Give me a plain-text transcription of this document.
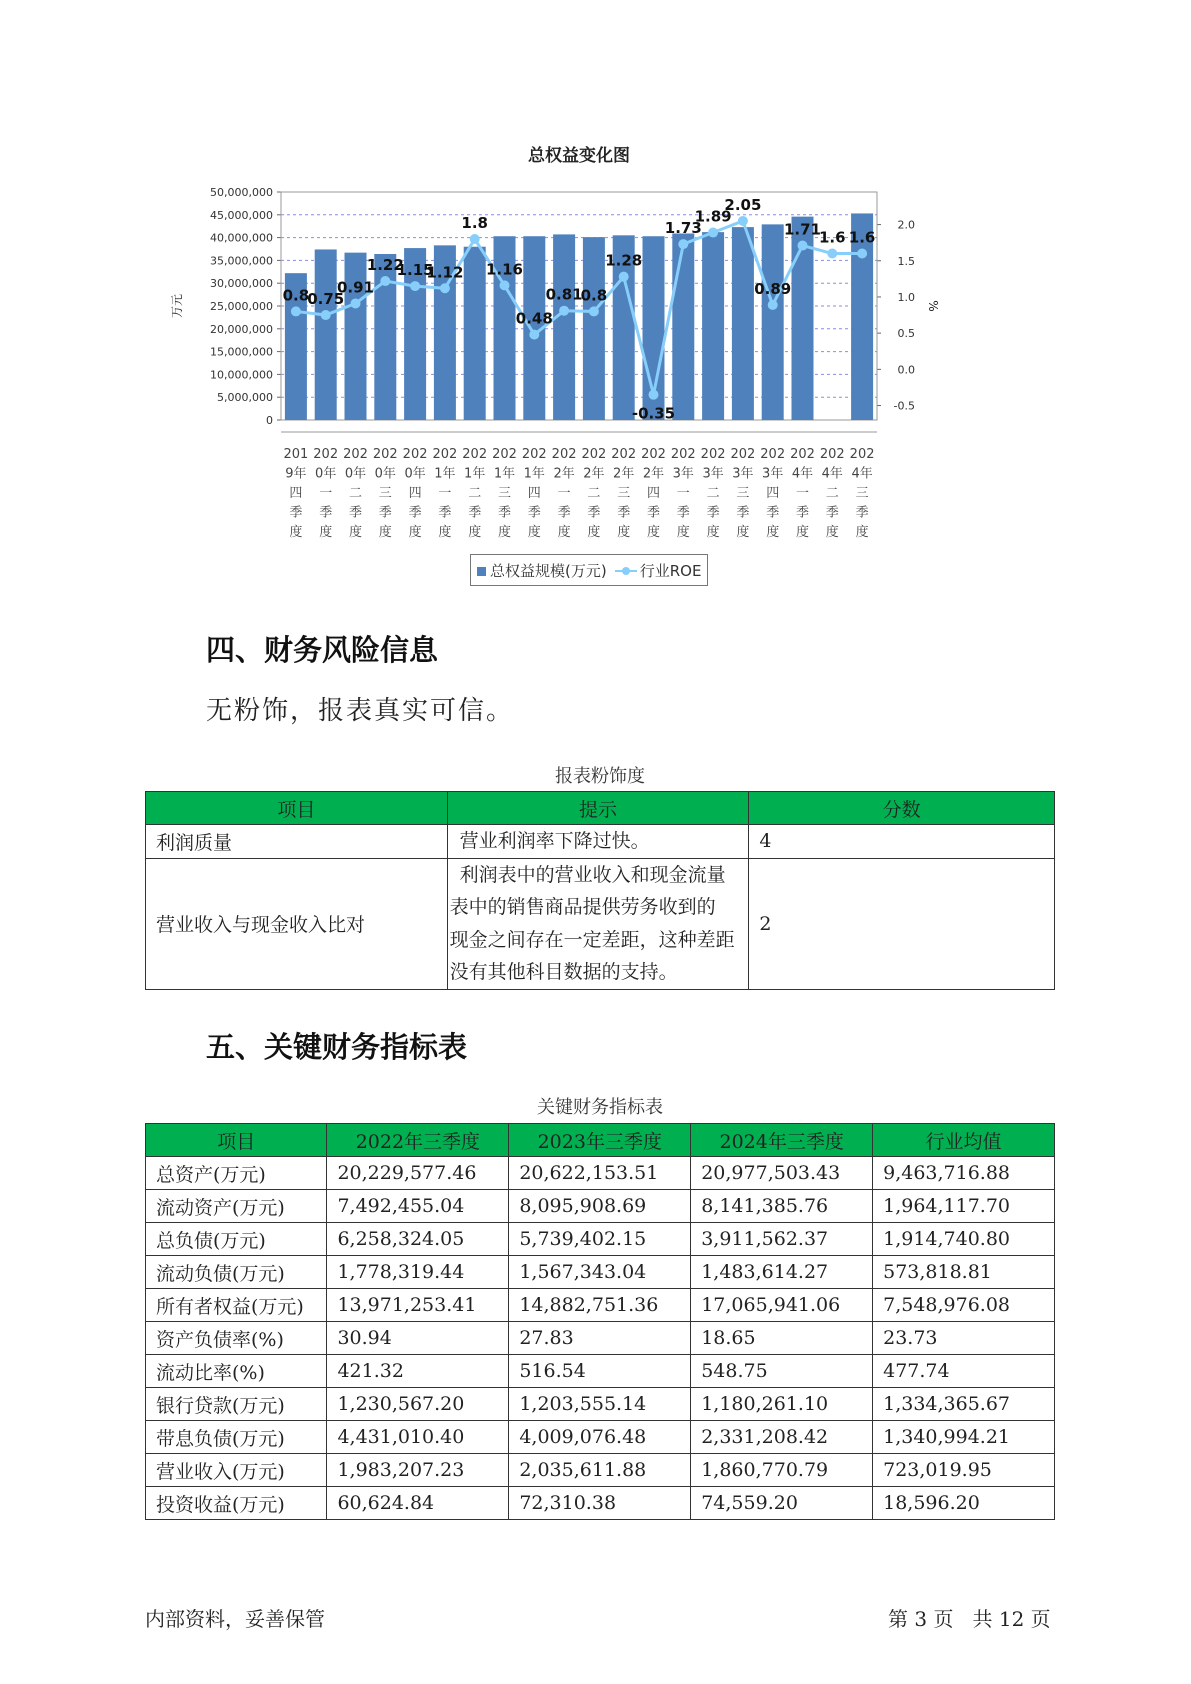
总权益变化图
0
5,000,000
10,000,000
15,000,000
20,000,000
25,000,000
30,000,000
35,000,000
40,000,000
45,000,000
50,000,000
-0.5
0.0
0.5
1.0
1.5
2.0
万元	%
201
9年
四
季
度
202
0年
一
季
度
202
0年
二
季
度
202
0年
三
季
度
202
0年
四
季
度
202
1年
一
季
度
202
1年
二
季
度
202
1年
三
季
度
202
1年
四
季
度
202
2年
一
季
度
202
2年
二
季
度
202
2年
三
季
度
202
2年
四
季
度
202
3年
一
季
度
202
3年
二
季
度
202
3年
三
季
度
202
3年
四
季
度
202
4年
一
季
度
202
4年
二
季
度
202
4年
三
季
度
0.8
0.75
0.91
1.22
1.15
1.12
1.8
1.16
0.48
0.81
0.8
1.28
-0.35
1.73
1.89
2.05
0.89
1.71
1.6 1.6
总权益规模(万元)	行业ROE
四、财务风险信息
无粉饰，报表真实可信。
报表粉饰度
项目	提示	分数
利润质量	营业利润率下降过快。	4
营业收入与现金收入比对	利润表中的营业收入和现金流量
表中的销售商品提供劳务收到的
现金之间存在一定差距，这种差距
没有其他科目数据的支持。	2
五、关键财务指标表
关键财务指标表
项目	2022年三季度	2023年三季度	2024年三季度	行业均值
总资产(万元)	20,229,577.46	20,622,153.51	20,977,503.43	9,463,716.88
流动资产(万元)	7,492,455.04	8,095,908.69	8,141,385.76	1,964,117.70
总负债(万元)	6,258,324.05	5,739,402.15	3,911,562.37	1,914,740.80
流动负债(万元)	1,778,319.44	1,567,343.04	1,483,614.27	573,818.81
所有者权益(万元)	13,971,253.41	14,882,751.36	17,065,941.06	7,548,976.08
资产负债率(%)	30.94	27.83	18.65	23.73
流动比率(%)	421.32	516.54	548.75	477.74
银行贷款(万元)	1,230,567.20	1,203,555.14	1,180,261.10	1,334,365.67
带息负债(万元)	4,431,010.40	4,009,076.48	2,331,208.42	1,340,994.21
营业收入(万元)	1,983,207.23	2,035,611.88	1,860,770.79	723,019.95
投资收益(万元)	60,624.84	72,310.38	74,559.20	18,596.20
内部资料，妥善保管	第 3 页   共 12 页
